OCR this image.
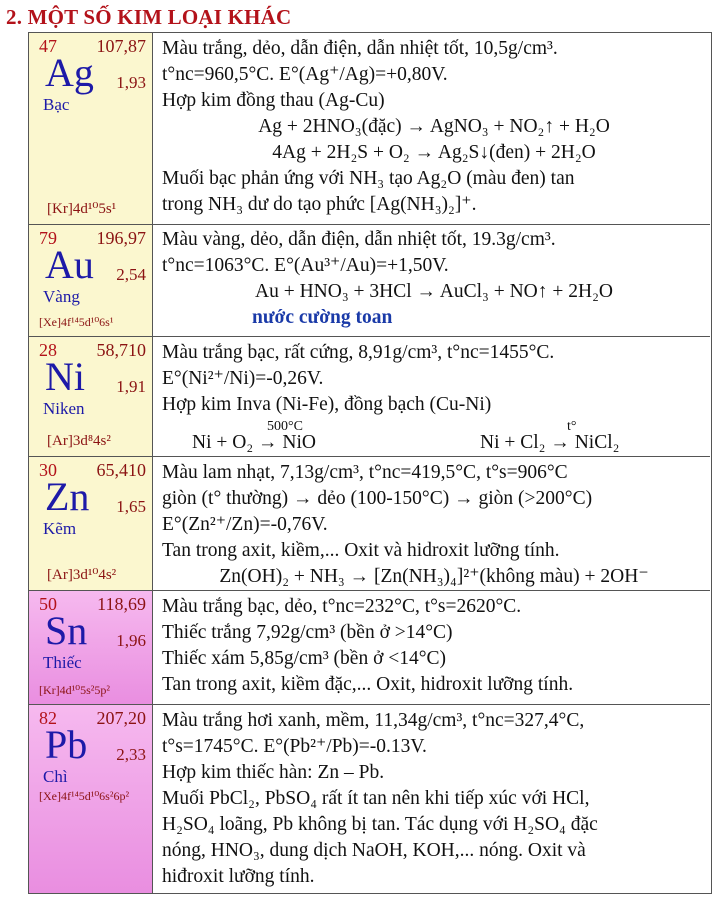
2. MỘT SỐ KIM LOẠI KHÁC
47 107,87
Ag 1,93
Bạc
[Kr]4d¹⁰5s¹
Màu trắng, dẻo, dẫn điện, dẫn nhiệt tốt, 10,5g/cm³.
t°nc=960,5°C. E°(Ag⁺/Ag)=+0,80V.
Hợp kim đồng thau (Ag-Cu)
Ag + 2HNO₃(đặc) → AgNO₃ + NO₂↑ + H₂O
4Ag + 2H₂S + O₂ → Ag₂S↓(đen) + 2H₂O
Muối bạc phản ứng với NH₃ tạo Ag₂O (màu đen) tan
trong NH₃ dư do tạo phức [Ag(NH₃)₂]⁺.
79 196,97
Au 2,54
Vàng
[Xe]4f¹⁴5d¹⁰6s¹
Màu vàng, dẻo, dẫn điện, dẫn nhiệt tốt, 19.3g/cm³.
t°nc=1063°C. E°(Au³⁺/Au)=+1,50V.
Au + HNO₃ + 3HCl → AuCl₃ + NO↑ + 2H₂O
nước cường toan
28 58,710
Ni 1,91
Niken
[Ar]3d⁸4s²
Màu trắng bạc, rất cứng, 8,91g/cm³, t°nc=1455°C.
E°(Ni²⁺/Ni)=-0,26V.
Hợp kim Inva (Ni-Fe), đồng bạch (Cu-Ni)
Ni + O₂ → NiO
500°C
Ni + Cl₂ → NiCl₂
t°
30 65,410
Zn 1,65
Kẽm
[Ar]3d¹⁰4s²
Màu lam nhạt, 7,13g/cm³, t°nc=419,5°C, t°s=906°C
giòn (t° thường) → dẻo (100-150°C) → giòn (>200°C)
E°(Zn²⁺/Zn)=-0,76V.
Tan trong axit, kiềm,... Oxit và hidroxit lưỡng tính.
Zn(OH)₂ + NH₃ → [Zn(NH₃)₄]²⁺(không màu) + 2OH⁻
50 118,69
Sn 1,96
Thiếc
[Kr]4d¹⁰5s²5p²
Màu trắng bạc, dẻo, t°nc=232°C, t°s=2620°C.
Thiếc trắng 7,92g/cm³ (bền ở >14°C)
Thiếc xám 5,85g/cm³ (bền ở <14°C)
Tan trong axit, kiềm đặc,... Oxit, hidroxit lưỡng tính.
82 207,20
Pb 2,33
Chì
[Xe]4f¹⁴5d¹⁰6s²6p²
Màu trắng hơi xanh, mềm, 11,34g/cm³, t°nc=327,4°C,
t°s=1745°C. E°(Pb²⁺/Pb)=-0.13V.
Hợp kim thiếc hàn: Zn – Pb.
Muối PbCl₂, PbSO₄ rất ít tan nên khi tiếp xúc với HCl,
H₂SO₄ loãng, Pb không bị tan. Tác dụng với H₂SO₄ đặc
nóng, HNO₃, dung dịch NaOH, KOH,... nóng. Oxit và
hiđroxit lưỡng tính.
